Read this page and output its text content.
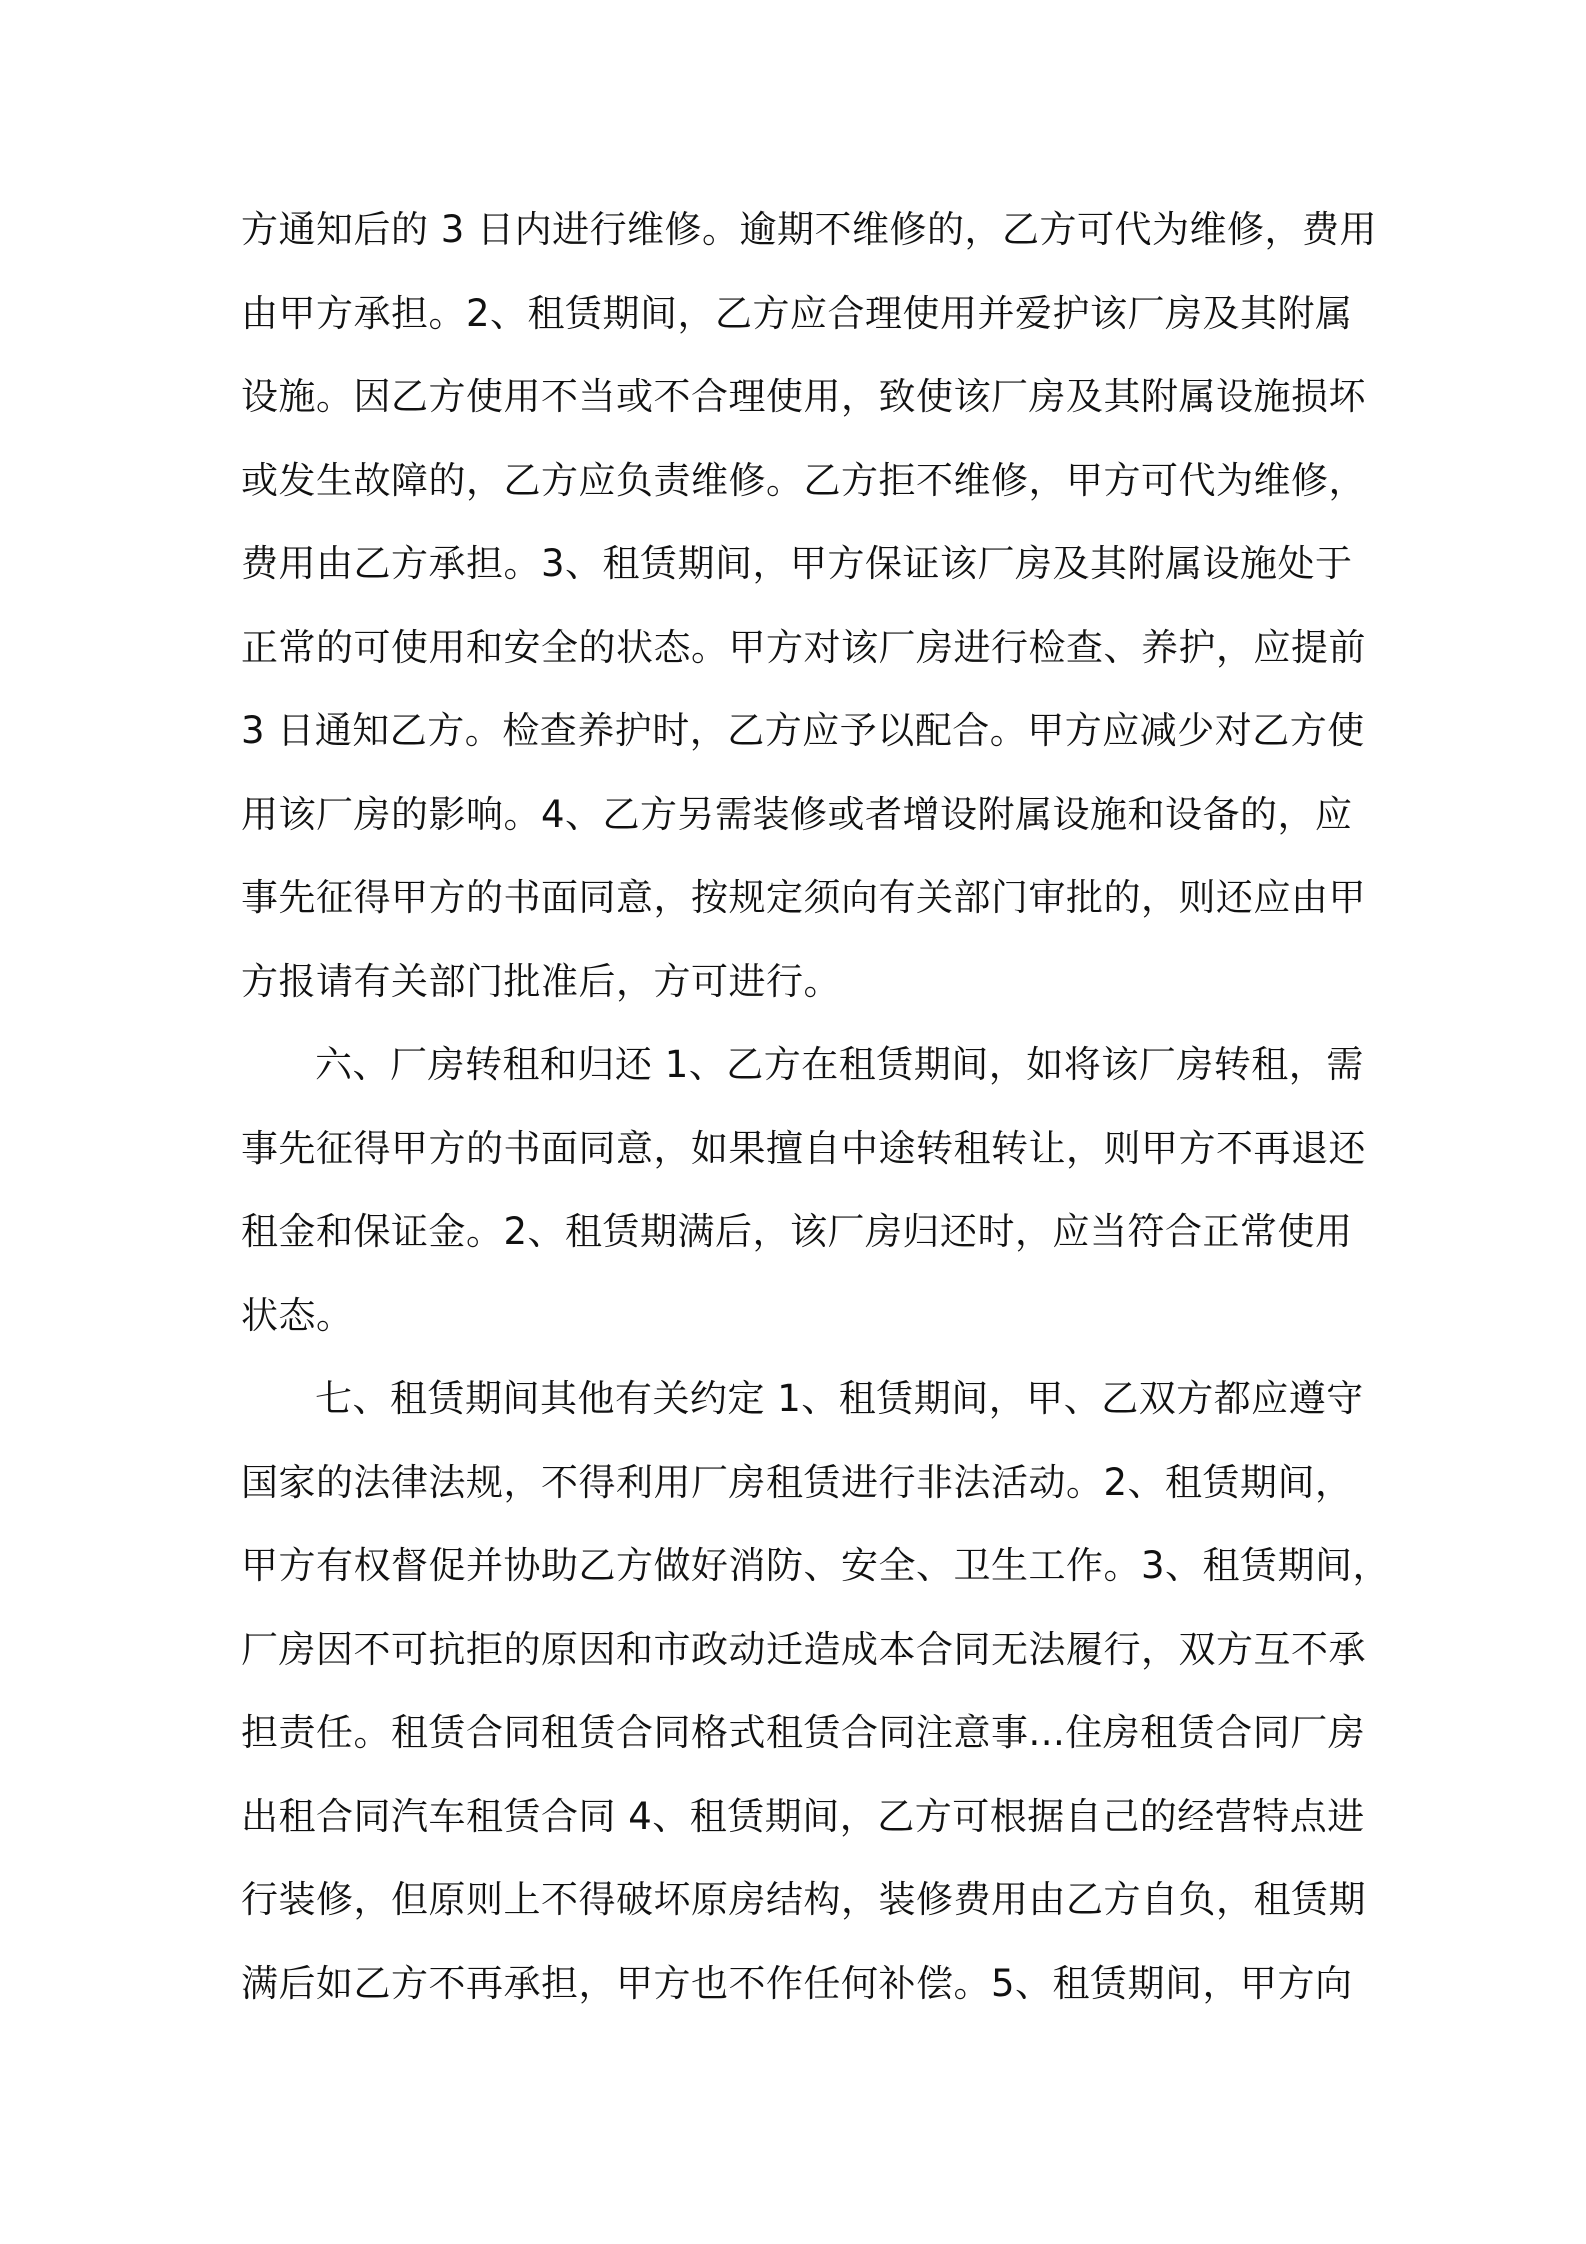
方通知后的 3 日内进行维修。逾期不维修的，乙方可代为维修，费用
由甲方承担。2、租赁期间，乙方应合理使用并爱护该厂房及其附属
设施。因乙方使用不当或不合理使用，致使该厂房及其附属设施损坏
或发生故障的，乙方应负责维修。乙方拒不维修，甲方可代为维修，
费用由乙方承担。3、租赁期间，甲方保证该厂房及其附属设施处于
正常的可使用和安全的状态。甲方对该厂房进行检查、养护，应提前
3 日通知乙方。检查养护时，乙方应予以配合。甲方应减少对乙方使
用该厂房的影响。4、乙方另需装修或者增设附属设施和设备的，应
事先征得甲方的书面同意，按规定须向有关部门审批的，则还应由甲
方报请有关部门批准后，方可进行。
六、厂房转租和归还 1、乙方在租赁期间，如将该厂房转租，需
事先征得甲方的书面同意，如果擅自中途转租转让，则甲方不再退还
租金和保证金。2、租赁期满后，该厂房归还时，应当符合正常使用
状态。
七、租赁期间其他有关约定 1、租赁期间，甲、乙双方都应遵守
国家的法律法规，不得利用厂房租赁进行非法活动。2、租赁期间，
甲方有权督促并协助乙方做好消防、安全、卫生工作。3、租赁期间，
厂房因不可抗拒的原因和市政动迁造成本合同无法履行，双方互不承
担责任。租赁合同租赁合同格式租赁合同注意事...住房租赁合同厂房
出租合同汽车租赁合同 4、租赁期间，乙方可根据自己的经营特点进
行装修，但原则上不得破坏原房结构，装修费用由乙方自负，租赁期
满后如乙方不再承担，甲方也不作任何补偿。5、租赁期间，甲方向
